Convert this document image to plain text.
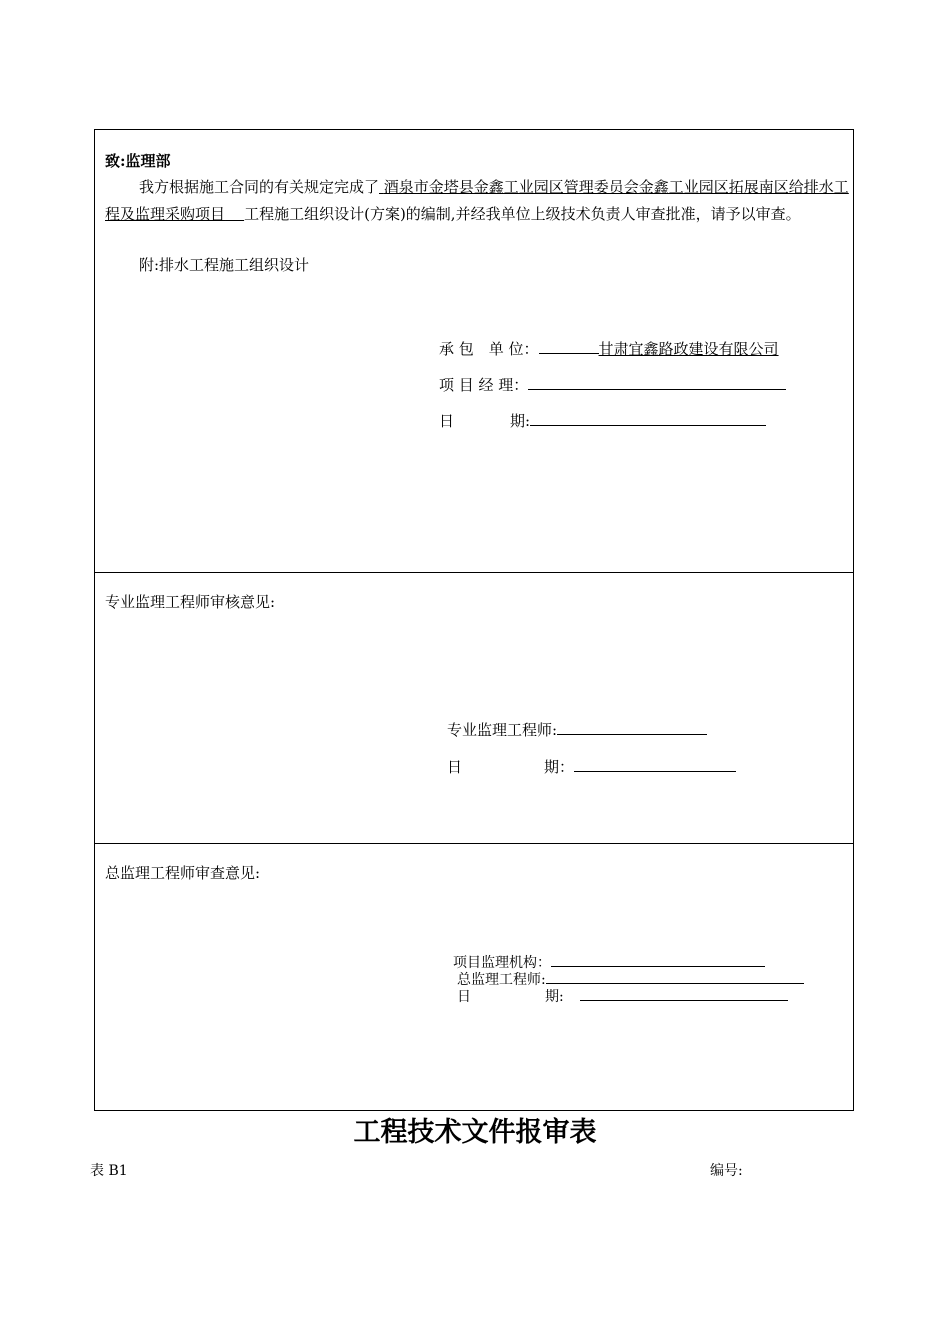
致:监理部
我方根据施工合同的有关规定完成了 酒泉市金塔县金鑫工业园区管理委员会金鑫工业园区拓展南区给排水工程及监理采购项目 工程施工组织设计(方案)的编制,并经我单位上级技术负责人审查批准，请予以审查。
附:排水工程施工组织设计
承 包　单 位：	甘肃宜鑫路政建设有限公司
项 目 经 理：
日	期:
专业监理工程师审核意见:
专业监理工程师:
日	期：
总监理工程师审查意见:
项目监理机构：
总监理工程师:
日	期:
工程技术文件报审表
表 B1	编号:
